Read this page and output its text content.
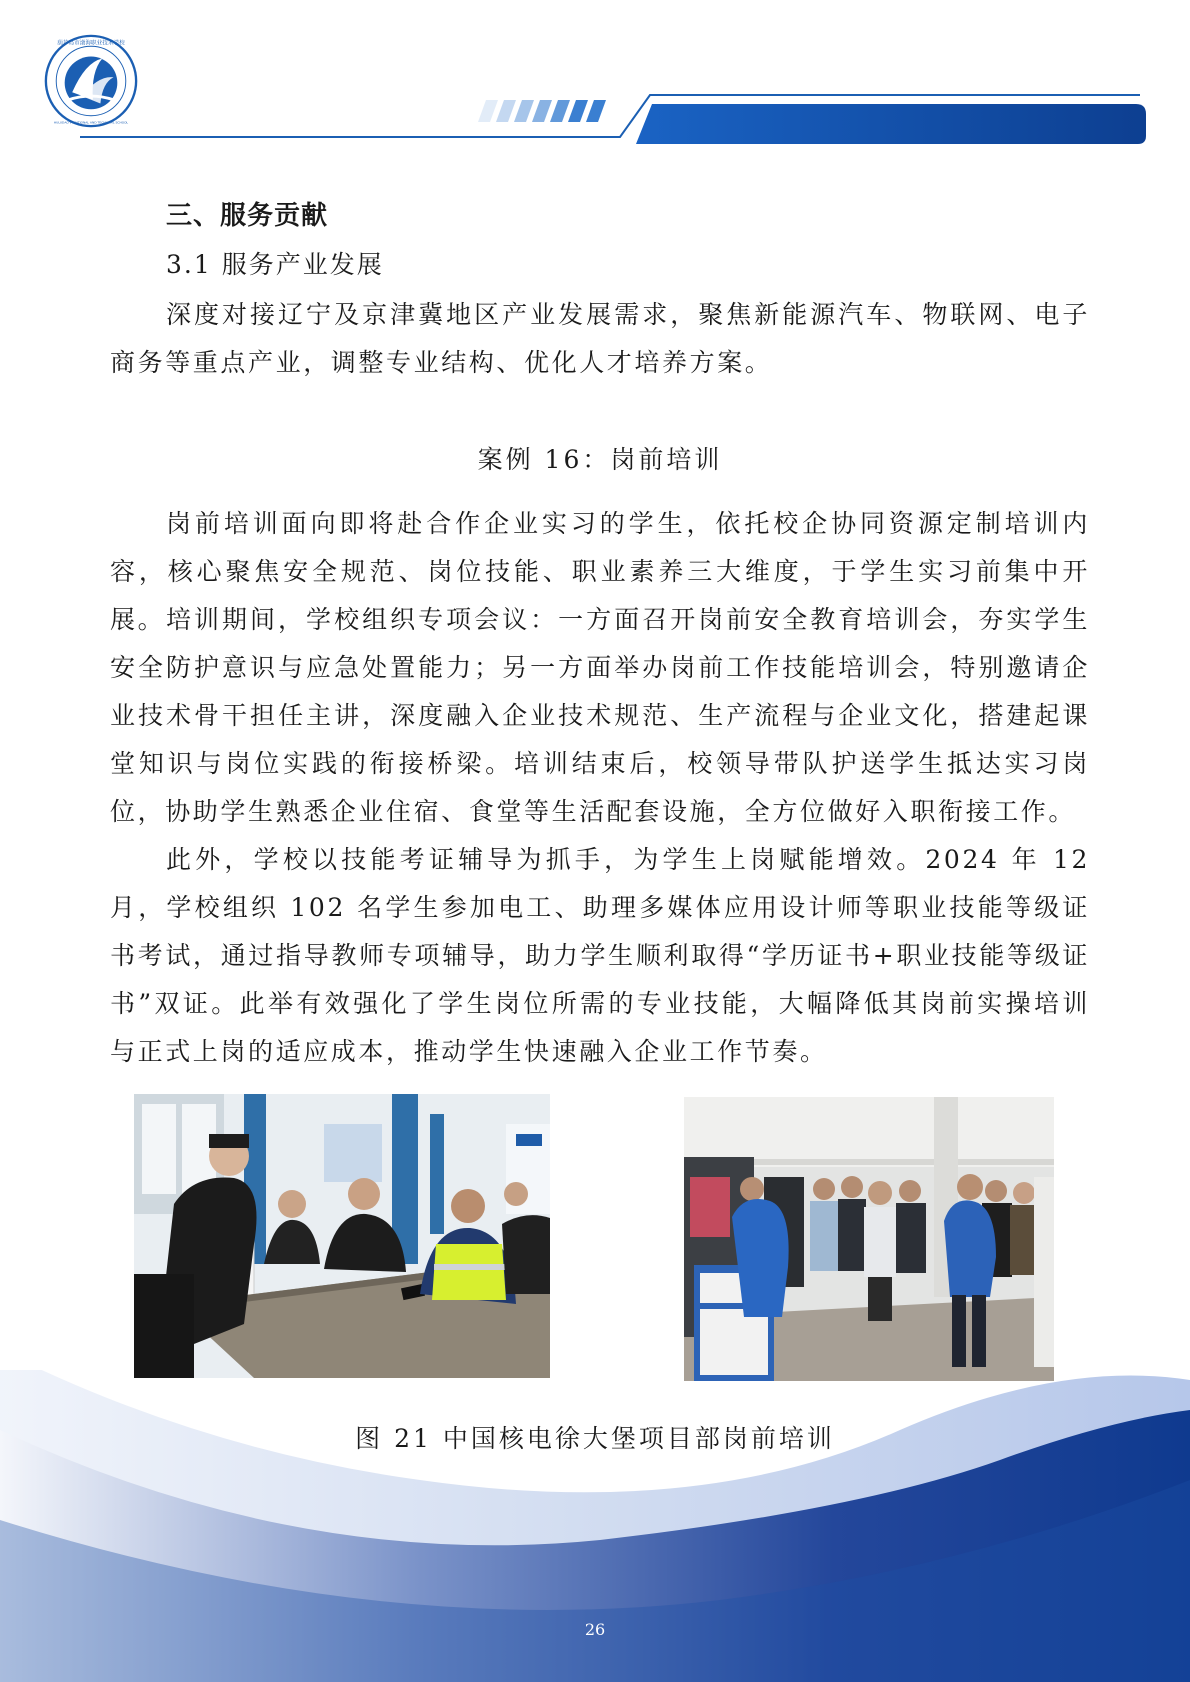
葫芦岛市渤海职业技术学校
HULUDAO VOCATIONAL AND TECHNICAL SCHOOL
三、服务贡献
3.1 服务产业发展

深度对接辽宁及京津冀地区产业发展需求，聚焦新能源汽车、物联网、电子商务等重点产业，调整专业结构、优化人才培养方案。

案例 16：岗前培训

岗前培训面向即将赴合作企业实习的学生，依托校企协同资源定制培训内容，核心聚焦安全规范、岗位技能、职业素养三大维度，于学生实习前集中开展。 培训期间，学校组织专项会议：一方面召开岗前安全教育培训会，夯实学生安全防护意识与应急处置能力；另一方面举办岗前工作技能培训会，特别邀请企业技术骨干担任主讲，深度融入企业技术规范、生产流程与企业文化，搭建起课堂知识与岗位实践的衔接桥梁。培训结束后，校领导带队护送学生抵达实习岗位，协助学生熟悉企业住宿、食堂等生活配套设施，全方位做好入职衔接工作。

此外，学校以技能考证辅导为抓手，为学生上岗赋能增效。2024 年 12 月，学校组织 102 名学生参加电工、助理多媒体应用设计师等职业技能等级证书考试，通过指导教师专项辅导，助力学生顺利取得“学历证书+职业技能等级证书”双证。此举有效强化了学生岗位所需的专业技能，大幅降低其岗前实操培训与正式上岗的适应成本，推动学生快速融入企业工作节奏。

图 21 中国核电徐大堡项目部岗前培训
26
